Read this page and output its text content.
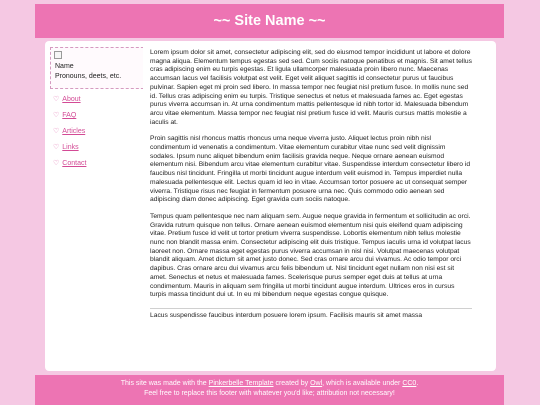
~~ Site Name ~~
Name
Pronouns, deets, etc.
♡ About
♡ FAQ
♡ Articles
♡ Links
♡ Contact

Lorem ipsum dolor sit amet, consectetur adipiscing elit, sed do eiusmod tempor incididunt ut labore et dolore magna aliqua. Elementum tempus egestas sed sed. Cum sociis natoque penatibus et magnis. Sit amet tellus cras adipiscing enim eu turpis egestas. Et ligula ullamcorper malesuada proin libero nunc. Maecenas accumsan lacus vel facilisis volutpat est velit. Eget velit aliquet sagittis id consectetur purus ut faucibus pulvinar. Sapien eget mi proin sed libero. In massa tempor nec feugiat nisl pretium fusce. In mollis nunc sed id. Tellus cras adipiscing enim eu turpis. Tristique senectus et netus et malesuada fames ac. Eget egestas purus viverra accumsan in. At urna condimentum mattis pellentesque id nibh tortor id. Malesuada bibendum arcu vitae elementum. Massa tempor nec feugiat nisl pretium fusce id velit. Mauris cursus mattis molestie a iaculis at.

Proin sagittis nisl rhoncus mattis rhoncus urna neque viverra justo. Aliquet lectus proin nibh nisl condimentum id venenatis a condimentum. Vitae elementum curabitur vitae nunc sed velit dignissim sodales. Ipsum nunc aliquet bibendum enim facilisis gravida neque. Neque ornare aenean euismod elementum nisi. Bibendum arcu vitae elementum curabitur vitae. Suspendisse interdum consectetur libero id faucibus nisl tincidunt. Fringilla ut morbi tincidunt augue interdum velit euismod in. Tempus imperdiet nulla malesuada pellentesque elit. Lectus quam id leo in vitae. Accumsan tortor posuere ac ut consequat semper viverra. Tristique risus nec feugiat in fermentum posuere urna nec. Quis commodo odio aenean sed adipiscing diam donec adipiscing. Eget gravida cum sociis natoque.

Tempus quam pellentesque nec nam aliquam sem. Augue neque gravida in fermentum et sollicitudin ac orci. Gravida rutrum quisque non tellus. Ornare aenean euismod elementum nisi quis eleifend quam adipiscing vitae. Pretium fusce id velit ut tortor pretium viverra suspendisse. Lobortis elementum nibh tellus molestie nunc non blandit massa enim. Consectetur adipiscing elit duis tristique. Tempus iaculis urna id volutpat lacus laoreet non. Ornare massa eget egestas purus viverra accumsan in nisl nisi. Volutpat maecenas volutpat blandit aliquam. Amet dictum sit amet justo donec. Sed cras ornare arcu dui vivamus. Ac odio tempor orci dapibus. Cras ornare arcu dui vivamus arcu felis bibendum ut. Nisl tincidunt eget nullam non nisi est sit amet. Senectus et netus et malesuada fames. Scelerisque purus semper eget duis at tellus at urna condimentum. Mauris in aliquam sem fringilla ut morbi tincidunt augue interdum. Ultrices eros in cursus turpis massa tincidunt dui ut. In eu mi bibendum neque egestas congue quisque.

Lacus suspendisse faucibus interdum posuere lorem ipsum. Facilisis mauris sit amet massa

This site was made with the Pinkerbelle Template created by Owl, which is available under CC0.
Feel free to replace this footer with whatever you'd like; attribution not necessary!
